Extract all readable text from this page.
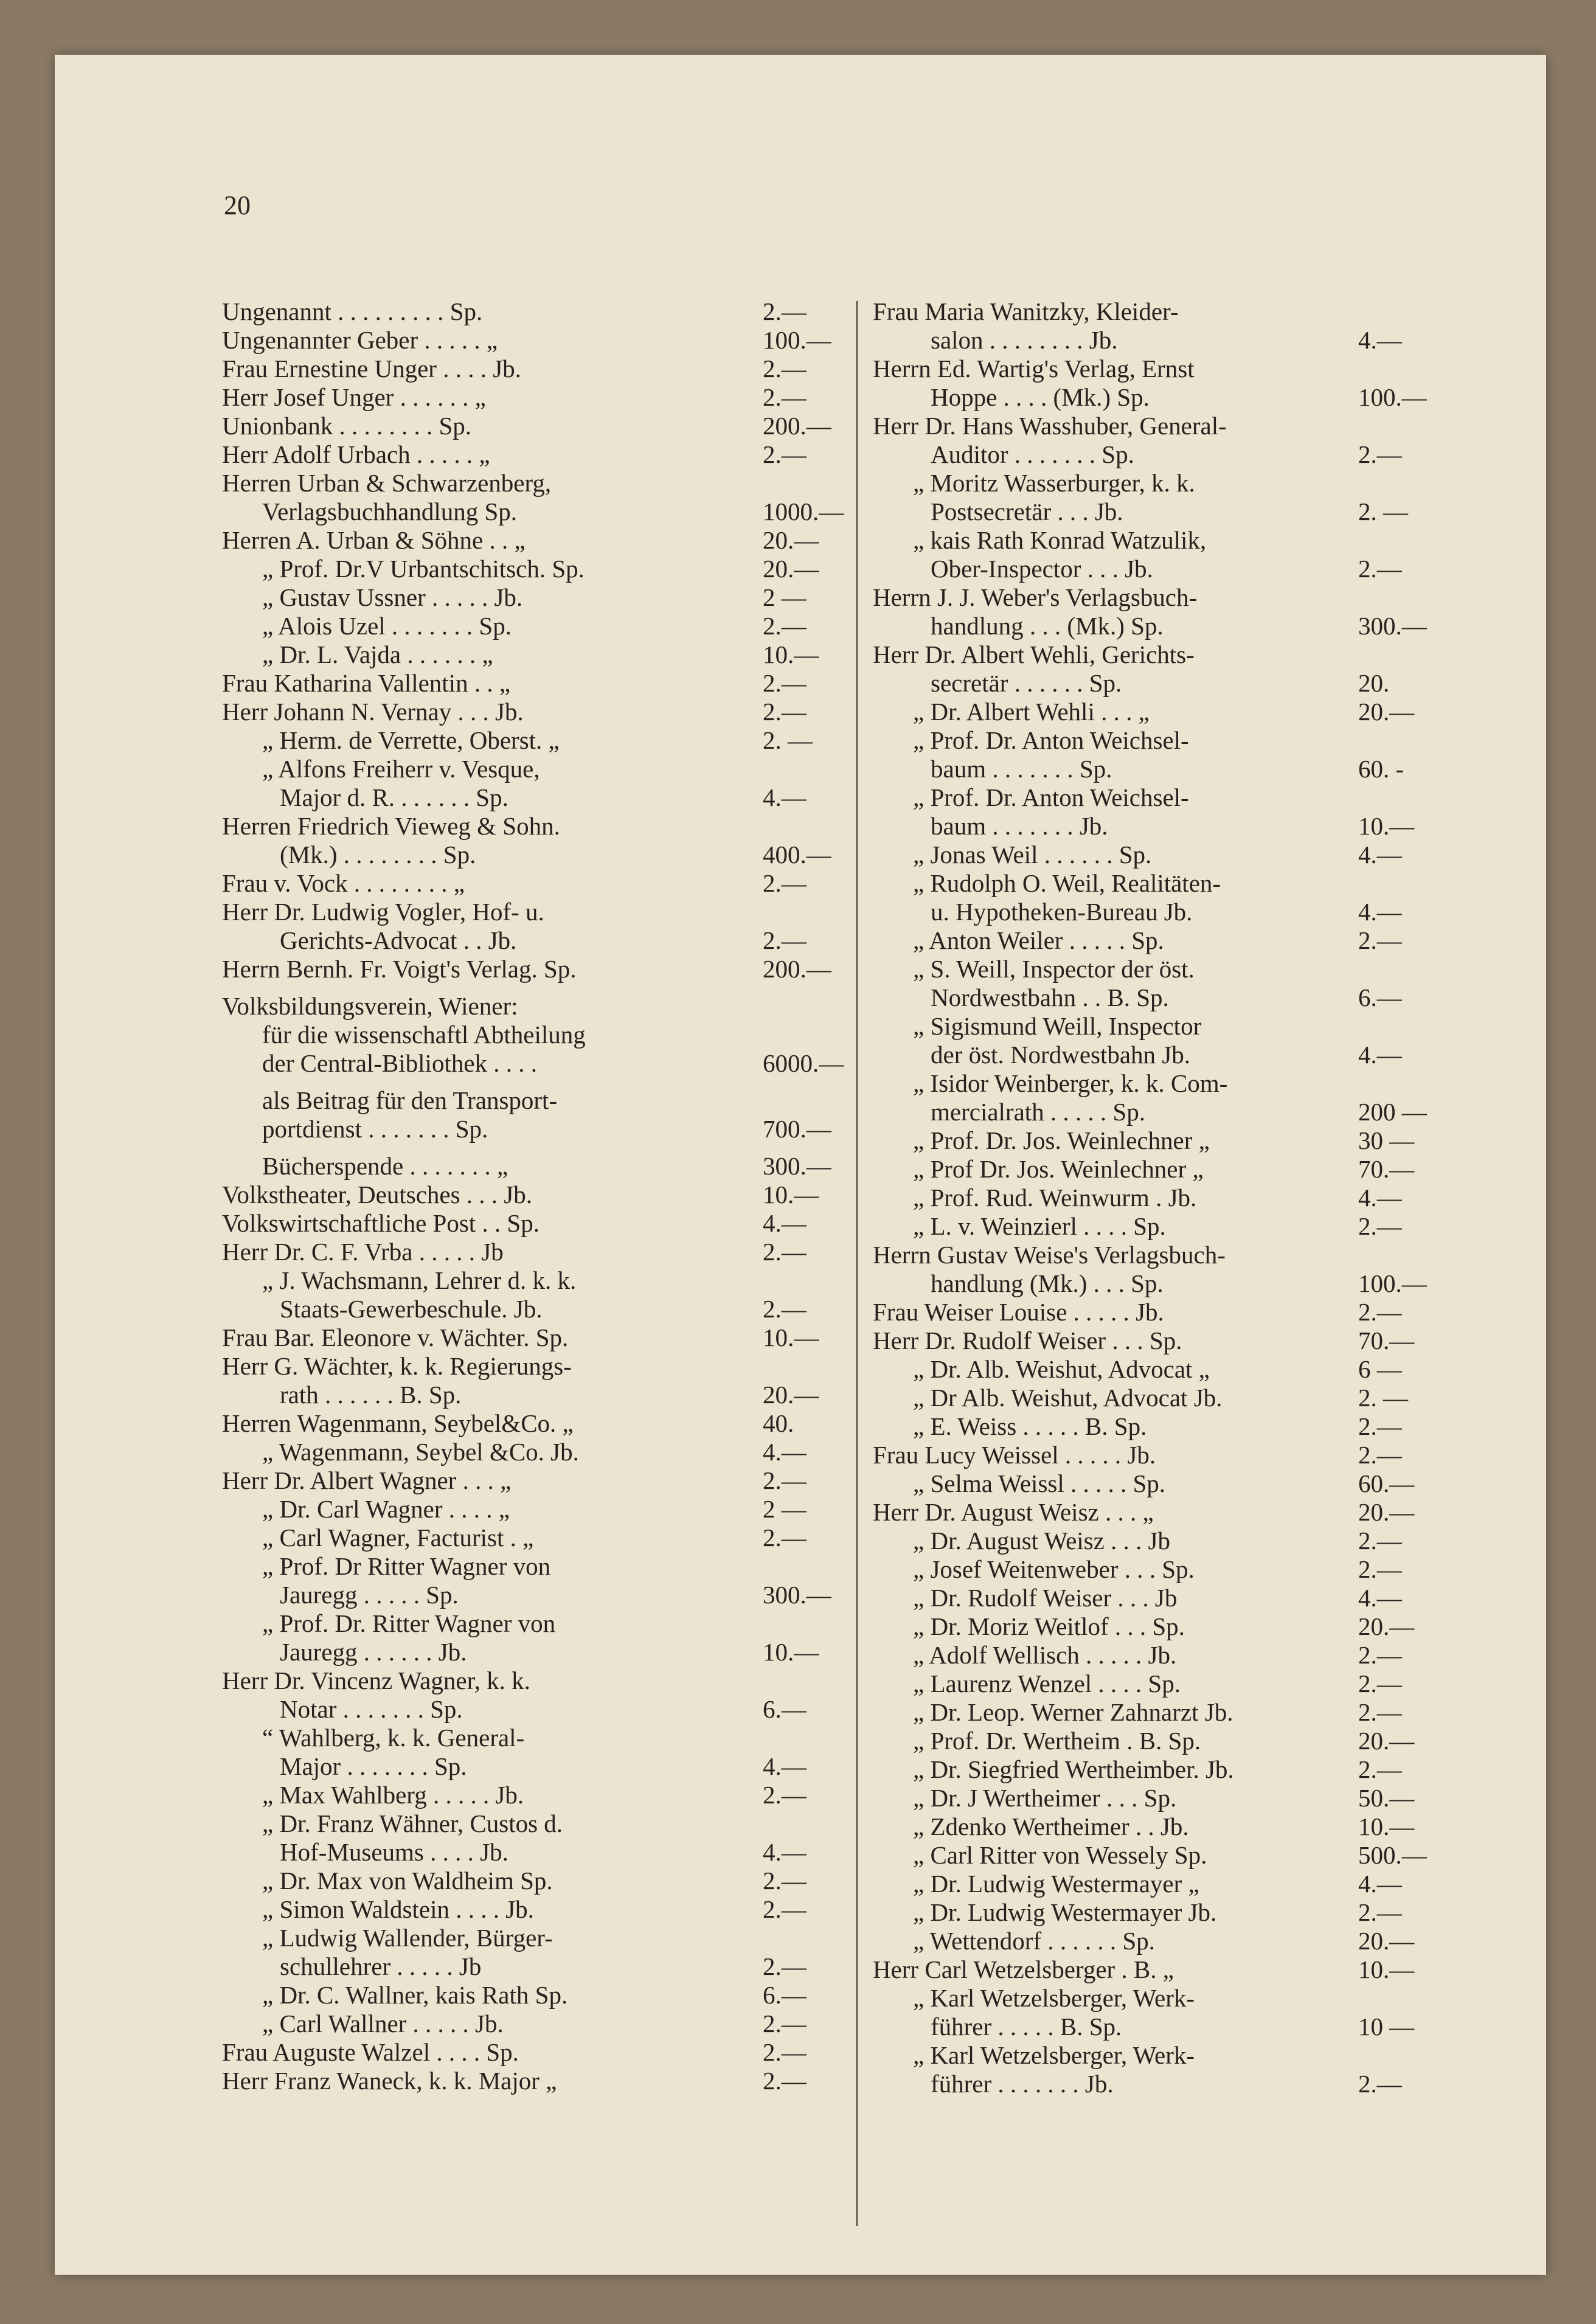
20
Ungenannt . . . . . . . . . Sp.	2.—
Ungenannter Geber . . . . . „	100.—
Frau Ernestine Unger . . . . Jb.	2.—
Herr Josef Unger . . . . . . „	2.—
Unionbank . . . . . . . . Sp.	200.—
Herr Adolf Urbach . . . . . „	2.—
Herren Urban & Schwarzenberg,
Verlagsbuchhandlung Sp.	1000.—
Herren A. Urban & Söhne . . „	20.—
„ Prof. Dr.V Urbantschitsch. Sp.	20.—
„ Gustav Ussner . . . . . Jb.	2 —
„ Alois Uzel . . . . . . . Sp.	2.—
„ Dr. L. Vajda . . . . . . „	10.—
Frau Katharina Vallentin . . „	2.—
Herr Johann N. Vernay . . . Jb.	2.—
„ Herm. de Verrette, Oberst. „	2. —
„ Alfons Freiherr v. Vesque,
Major d. R. . . . . . . Sp.	4.—
Herren Friedrich Vieweg & Sohn.
(Mk.) . . . . . . . . Sp.	400.—
Frau v. Vock . . . . . . . . „	2.—
Herr Dr. Ludwig Vogler, Hof- u.
Gerichts-Advocat . . Jb.	2.—
Herrn Bernh. Fr. Voigt's Verlag. Sp.	200.—
Volksbildungsverein, Wiener:
für die wissenschaftl Abtheilung
der Central-Bibliothek . . . .	6000.—
als Beitrag für den Transport-
portdienst . . . . . . . Sp.	700.—
Bücherspende . . . . . . . „	300.—
Volkstheater, Deutsches . . . Jb.	10.—
Volkswirtschaftliche Post . . Sp.	4.—
Herr Dr. C. F. Vrba . . . . . Jb	2.—
„ J. Wachsmann, Lehrer d. k. k.
Staats-Gewerbeschule. Jb.	2.—
Frau Bar. Eleonore v. Wächter. Sp.	10.—
Herr G. Wächter, k. k. Regierungs-
rath . . . . . . B. Sp.	20.—
Herren Wagenmann, Seybel&Co. „	40.
„ Wagenmann, Seybel &Co. Jb.	4.—
Herr Dr. Albert Wagner . . . „	2.—
„ Dr. Carl Wagner . . . . „	2 —
„ Carl Wagner, Facturist . „	2.—
„ Prof. Dr Ritter Wagner von
Jauregg . . . . . Sp.	300.—
„ Prof. Dr. Ritter Wagner von
Jauregg . . . . . . Jb.	10.—
Herr Dr. Vincenz Wagner, k. k.
Notar . . . . . . . Sp.	6.—
“ Wahlberg, k. k. General-
Major . . . . . . . Sp.	4.—
„ Max Wahlberg . . . . . Jb.	2.—
„ Dr. Franz Wähner, Custos d.
Hof-Museums . . . . Jb.	4.—
„ Dr. Max von Waldheim Sp.	2.—
„ Simon Waldstein . . . . Jb.	2.—
„ Ludwig Wallender, Bürger-
schullehrer . . . . . Jb	2.—
„ Dr. C. Wallner, kais Rath Sp.	6.—
„ Carl Wallner . . . . . Jb.	2.—
Frau Auguste Walzel . . . . Sp.	2.—
Herr Franz Waneck, k. k. Major „	2.—
Frau Maria Wanitzky, Kleider-
salon . . . . . . . . Jb.	4.—
Herrn Ed. Wartig's Verlag, Ernst
Hoppe . . . . (Mk.) Sp.	100.—
Herr Dr. Hans Wasshuber, General-
Auditor . . . . . . . Sp.	2.—
„ Moritz Wasserburger, k. k.
Postsecretär . . . Jb.	2. —
„ kais Rath Konrad Watzulik,
Ober-Inspector . . . Jb.	2.—
Herrn J. J. Weber's Verlagsbuch-
handlung . . . (Mk.) Sp.	300.—
Herr Dr. Albert Wehli, Gerichts-
secretär . . . . . . Sp.	20.
„ Dr. Albert Wehli . . . „	20.—
„ Prof. Dr. Anton Weichsel-
baum . . . . . . . Sp.	60. -
„ Prof. Dr. Anton Weichsel-
baum . . . . . . . Jb.	10.—
„ Jonas Weil . . . . . . Sp.	4.—
„ Rudolph O. Weil, Realitäten-
u. Hypotheken-Bureau Jb.	4.—
„ Anton Weiler . . . . . Sp.	2.—
„ S. Weill, Inspector der öst.
Nordwestbahn . . B. Sp.	6.—
„ Sigismund Weill, Inspector
der öst. Nordwestbahn Jb.	4.—
„ Isidor Weinberger, k. k. Com-
mercialrath . . . . . Sp.	200 —
„ Prof. Dr. Jos. Weinlechner „	30 —
„ Prof Dr. Jos. Weinlechner „	70.—
„ Prof. Rud. Weinwurm . Jb.	4.—
„ L. v. Weinzierl . . . . Sp.	2.—
Herrn Gustav Weise's Verlagsbuch-
handlung (Mk.) . . . Sp.	100.—
Frau Weiser Louise . . . . . Jb.	2.—
Herr Dr. Rudolf Weiser . . . Sp.	70.—
„ Dr. Alb. Weishut, Advocat „	6 —
„ Dr Alb. Weishut, Advocat Jb.	2. —
„ E. Weiss . . . . . B. Sp.	2.—
Frau Lucy Weissel . . . . . Jb.	2.—
„ Selma Weissl . . . . . Sp.	60.—
Herr Dr. August Weisz . . . „	20.—
„ Dr. August Weisz . . . Jb	2.—
„ Josef Weitenweber . . . Sp.	2.—
„ Dr. Rudolf Weiser . . . Jb	4.—
„ Dr. Moriz Weitlof . . . Sp.	20.—
„ Adolf Wellisch . . . . . Jb.	2.—
„ Laurenz Wenzel . . . . Sp.	2.—
„ Dr. Leop. Werner Zahnarzt Jb.	2.—
„ Prof. Dr. Wertheim . B. Sp.	20.—
„ Dr. Siegfried Wertheimber. Jb.	2.—
„ Dr. J Wertheimer . . . Sp.	50.—
„ Zdenko Wertheimer . . Jb.	10.—
„ Carl Ritter von Wessely Sp.	500.—
„ Dr. Ludwig Westermayer „	4.—
„ Dr. Ludwig Westermayer Jb.	2.—
„ Wettendorf . . . . . . Sp.	20.—
Herr Carl Wetzelsberger . B. „	10.—
„ Karl Wetzelsberger, Werk-
führer . . . . . B. Sp.	10 —
„ Karl Wetzelsberger, Werk-
führer . . . . . . . Jb.	2.—
